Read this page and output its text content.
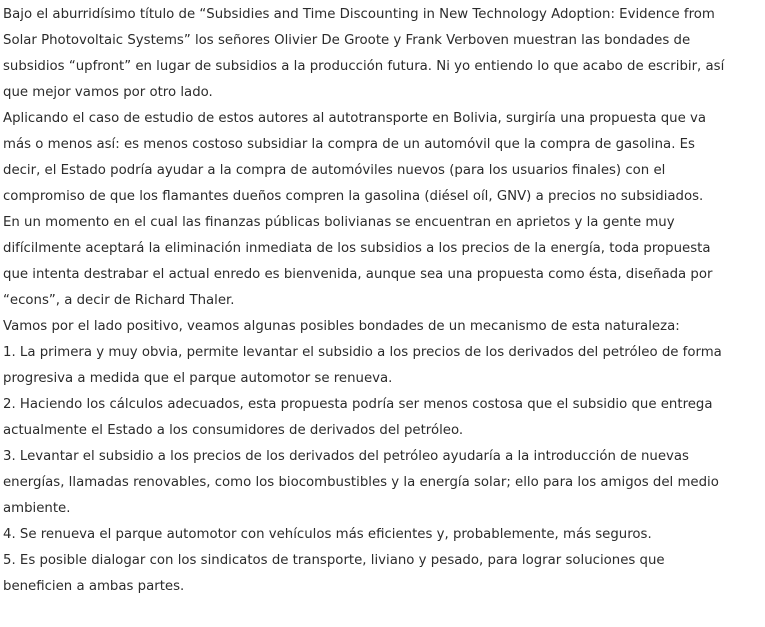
Bajo el aburridísimo título de “Subsidies and Time Discounting in New Technology Adoption: Evidence from
Solar Photovoltaic Systems” los señores Olivier De Groote y Frank Verboven muestran las bondades de
subsidios “upfront” en lugar de subsidios a la producción futura. Ni yo entiendo lo que acabo de escribir, así
que mejor vamos por otro lado.

Aplicando el caso de estudio de estos autores al autotransporte en Bolivia, surgiría una propuesta que va
más o menos así: es menos costoso subsidiar la compra de un automóvil que la compra de gasolina. Es
decir, el Estado podría ayudar a la compra de automóviles nuevos (para los usuarios finales) con el
compromiso de que los flamantes dueños compren la gasolina (diésel oíl, GNV) a precios no subsidiados.

En un momento en el cual las finanzas públicas bolivianas se encuentran en aprietos y la gente muy
difícilmente aceptará la eliminación inmediata de los subsidios a los precios de la energía, toda propuesta
que intenta destrabar el actual enredo es bienvenida, aunque sea una propuesta como ésta, diseñada por
“econs”, a decir de Richard Thaler.

Vamos por el lado positivo, veamos algunas posibles bondades de un mecanismo de esta naturaleza:

1. La primera y muy obvia, permite levantar el subsidio a los precios de los derivados del petróleo de forma
progresiva a medida que el parque automotor se renueva.

2. Haciendo los cálculos adecuados, esta propuesta podría ser menos costosa que el subsidio que entrega
actualmente el Estado a los consumidores de derivados del petróleo.

3. Levantar el subsidio a los precios de los derivados del petróleo ayudaría a la introducción de nuevas
energías, llamadas renovables, como los biocombustibles y la energía solar; ello para los amigos del medio
ambiente.

4. Se renueva el parque automotor con vehículos más eficientes y, probablemente, más seguros.

5. Es posible dialogar con los sindicatos de transporte, liviano y pesado, para lograr soluciones que
beneficien a ambas partes.
